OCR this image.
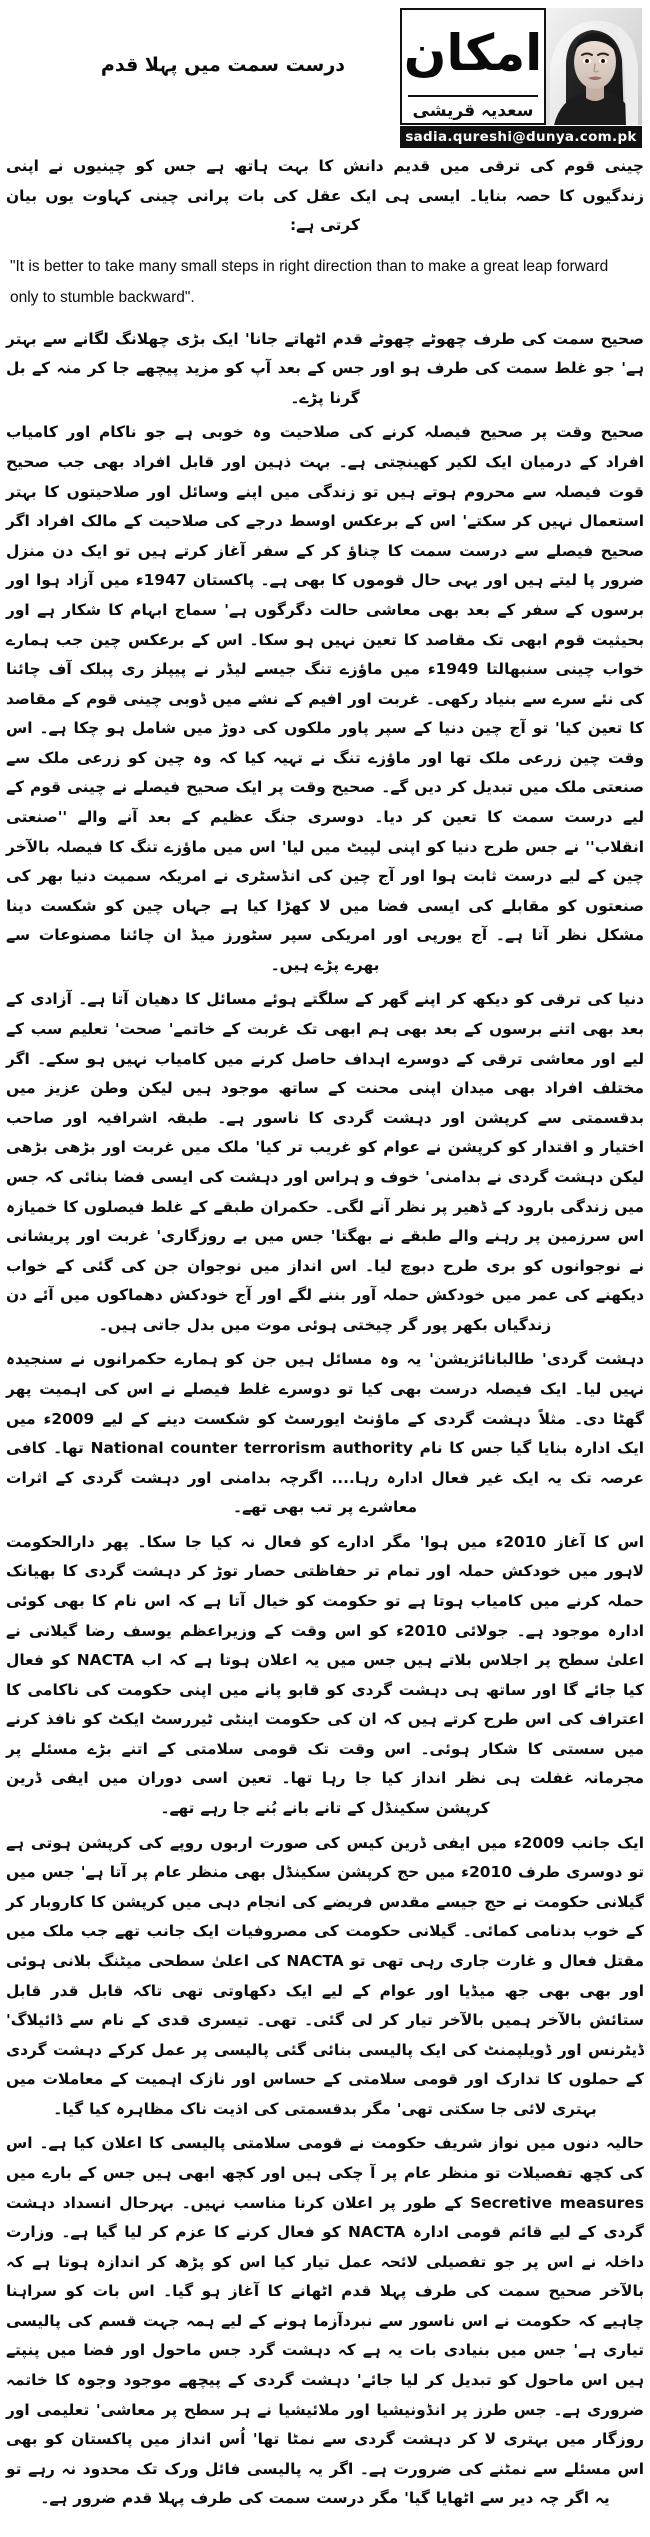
درست سمت میں پہلا قدم	امکان
سعدیہ قریشی
sadia.qureshi@dunya.com.pk

چینی قوم کی ترقی میں قدیم دانش کا بہت ہاتھ ہے جس کو چینیوں نے اپنی زندگیوں کا حصہ بنایا۔ ایسی ہی ایک عقل کی بات پرانی چینی کہاوت یوں بیان کرتی ہے:

"It is better to take many small steps in right direction than to make a great leap forward only to stumble backward".

صحیح سمت کی طرف چھوٹے چھوٹے قدم اٹھاتے جانا' ایک بڑی چھلانگ لگانے سے بہتر ہے' جو غلط سمت کی طرف ہو اور جس کے بعد آپ کو مزید پیچھے جا کر منہ کے بل گرنا پڑے۔

صحیح وقت پر صحیح فیصلہ کرنے کی صلاحیت وہ خوبی ہے جو ناکام اور کامیاب افراد کے درمیان ایک لکیر کھینچتی ہے۔ بہت ذہین اور قابل افراد بھی جب صحیح قوت فیصلہ سے محروم ہوتے ہیں تو زندگی میں اپنے وسائل اور صلاحیتوں کا بہتر استعمال نہیں کر سکتے' اس کے برعکس اوسط درجے کی صلاحیت کے مالک افراد اگر صحیح فیصلے سے درست سمت کا چناؤ کر کے سفر آغاز کرتے ہیں تو ایک دن منزل ضرور پا لیتے ہیں اور یہی حال قوموں کا بھی ہے۔ پاکستان 1947ء میں آزاد ہوا اور برسوں کے سفر کے بعد بھی معاشی حالت دگرگوں ہے' سماج ابہام کا شکار ہے اور بحیثیت قوم ابھی تک مقاصد کا تعین نہیں ہو سکا۔ اس کے برعکس چین جب ہمارے خواب چینی سنبھالتا 1949ء میں ماؤزے تنگ جیسے لیڈر نے پیپلز ری پبلک آف چائنا کی نئے سرے سے بنیاد رکھی۔ غربت اور افیم کے نشے میں ڈوبی چینی قوم کے مقاصد کا تعین کیا' تو آج چین دنیا کے سپر پاور ملکوں کی دوڑ میں شامل ہو چکا ہے۔ اس وقت چین زرعی ملک تھا اور ماؤزے تنگ نے تہیہ کیا کہ وہ چین کو زرعی ملک سے صنعتی ملک میں تبدیل کر دیں گے۔ صحیح وقت پر ایک صحیح فیصلے نے چینی قوم کے لیے درست سمت کا تعین کر دیا۔ دوسری جنگ عظیم کے بعد آنے والے ''صنعتی انقلاب'' نے جس طرح دنیا کو اپنی لپیٹ میں لیا' اس میں ماؤزے تنگ کا فیصلہ بالآخر چین کے لیے درست ثابت ہوا اور آج چین کی انڈسٹری نے امریکہ سمیت دنیا بھر کی صنعتوں کو مقابلے کی ایسی فضا میں لا کھڑا کیا ہے جہاں چین کو شکست دینا مشکل نظر آتا ہے۔ آج یورپی اور امریکی سپر سٹورز میڈ ان چائنا مصنوعات سے بھرے پڑے ہیں۔

دنیا کی ترقی کو دیکھ کر اپنے گھر کے سلگتے ہوئے مسائل کا دھیان آتا ہے۔ آزادی کے بعد بھی اتنے برسوں کے بعد بھی ہم ابھی تک غربت کے خاتمے' صحت' تعلیم سب کے لیے اور معاشی ترقی کے دوسرے اہداف حاصل کرنے میں کامیاب نہیں ہو سکے۔ اگر مختلف افراد بھی میدان اپنی محنت کے ساتھ موجود ہیں لیکن وطن عزیز میں بدقسمتی سے کرپشن اور دہشت گردی کا ناسور ہے۔ طبقہ اشرافیہ اور صاحب اختیار و اقتدار کو کرپشن نے عوام کو غریب تر کیا' ملک میں غربت اور بڑھی بڑھی لیکن دہشت گردی نے بدامنی' خوف و ہراس اور دہشت کی ایسی فضا بنائی کہ جس میں زندگی بارود کے ڈھیر پر نظر آنے لگی۔ حکمران طبقے کے غلط فیصلوں کا خمیازہ اس سرزمین پر رہنے والے طبقے نے بھگتا' جس میں بے روزگاری' غربت اور پریشانی نے نوجوانوں کو بری طرح دبوچ لیا۔ اس انداز میں نوجوان جن کی گئی کے خواب دیکھنے کی عمر میں خودکش حملہ آور بننے لگے اور آج خودکش دھماکوں میں آئے دن زندگیاں بکھر پور گر چیختی ہوئی موت میں بدل جاتی ہیں۔

دہشت گردی' طالبانائزیشن' یہ وہ مسائل ہیں جن کو ہمارے حکمرانوں نے سنجیدہ نہیں لیا۔ ایک فیصلہ درست بھی کیا تو دوسرے غلط فیصلے نے اس کی اہمیت پھر گھٹا دی۔ مثلاً دہشت گردی کے ماؤنٹ ایورسٹ کو شکست دینے کے لیے 2009ء میں ایک ادارہ بنایا گیا جس کا نام National counter terrorism authority تھا۔ کافی عرصہ تک یہ ایک غیر فعال ادارہ رہا.... اگرچہ بدامنی اور دہشت گردی کے اثرات معاشرے پر تب بھی تھے۔

اس کا آغاز 2010ء میں ہوا' مگر ادارے کو فعال نہ کیا جا سکا۔ پھر دارالحکومت لاہور میں خودکش حملہ اور تمام تر حفاظتی حصار توڑ کر دہشت گردی کا بھیانک حملہ کرنے میں کامیاب ہوتا ہے تو حکومت کو خیال آتا ہے کہ اس نام کا بھی کوئی ادارہ موجود ہے۔ جولائی 2010ء کو اس وقت کے وزیراعظم یوسف رضا گیلانی نے اعلیٰ سطح پر اجلاس بلاتے ہیں جس میں یہ اعلان ہوتا ہے کہ اب NACTA کو فعال کیا جائے گا اور ساتھ ہی دہشت گردی کو قابو پانے میں اپنی حکومت کی ناکامی کا اعتراف کی اس طرح کرتے ہیں کہ ان کی حکومت اینٹی ٹیررسٹ ایکٹ کو نافذ کرنے میں سستی کا شکار ہوئی۔ اس وقت تک قومی سلامتی کے اتنے بڑے مسئلے پر مجرمانہ غفلت ہی نظر انداز کیا جا رہا تھا۔ تعین اسی دوران میں ایفی ڈرین کرپشن سکینڈل کے تانے بانے بُنے جا رہے تھے۔

ایک جانب 2009ء میں ایفی ڈرین کیس کی صورت اربوں روپے کی کرپشن ہوتی ہے تو دوسری طرف 2010ء میں حج کرپشن سکینڈل بھی منظر عام پر آتا ہے' جس میں گیلانی حکومت نے حج جیسے مقدس فریضے کی انجام دہی میں کرپشن کا کاروبار کر کے خوب بدنامی کمائی۔ گیلانی حکومت کی مصروفیات ایک جانب تھے جب ملک میں مقتل فعال و غارت جاری رہی تھی تو NACTA کی اعلیٰ سطحی میٹنگ بلانی ہوئی اور بھی بھی جھ میڈیا اور عوام کے لیے ایک دکھاوتی تھی تاکہ قابل قدر قابل ستائش بالآخر ہمیں بالآخر تیار کر لی گئی۔ تھی۔ تیسری قدی کے نام سے ڈائیلاگ' ڈیٹرنس اور ڈویلپمنٹ کی ایک پالیسی بنائی گئی پالیسی پر عمل کرکے دہشت گردی کے حملوں کا تدارک اور قومی سلامتی کے حساس اور نازک اہمیت کے معاملات میں بہتری لائی جا سکتی تھی' مگر بدقسمتی کی اذیت ناک مظاہرہ کیا گیا۔

حالیہ دنوں میں نواز شریف حکومت نے قومی سلامتی پالیسی کا اعلان کیا ہے۔ اس کی کچھ تفصیلات تو منظر عام پر آ چکی ہیں اور کچھ ابھی ہیں جس کے بارے میں Secretive measures کے طور پر اعلان کرنا مناسب نہیں۔ بہرحال انسداد دہشت گردی کے لیے قائم قومی ادارہ NACTA کو فعال کرنے کا عزم کر لیا گیا ہے۔ وزارت داخلہ نے اس پر جو تفصیلی لائحہ عمل تیار کیا اس کو پڑھ کر اندازہ ہوتا ہے کہ بالآخر صحیح سمت کی طرف پہلا قدم اٹھانے کا آغاز ہو گیا۔ اس بات کو سراہنا چاہیے کہ حکومت نے اس ناسور سے نبردآزما ہونے کے لیے ہمہ جہت قسم کی پالیسی تیاری ہے' جس میں بنیادی بات یہ ہے کہ دہشت گرد جس ماحول اور فضا میں پنپتے ہیں اس ماحول کو تبدیل کر لیا جائے' دہشت گردی کے پیچھے موجود وجوہ کا خاتمہ ضروری ہے۔ جس طرز پر انڈونیشیا اور ملائیشیا نے ہر سطح پر معاشی' تعلیمی اور روزگار میں بہتری لا کر دہشت گردی سے نمٹا تھا' اُس انداز میں پاکستان کو بھی اس مسئلے سے نمٹنے کی ضرورت ہے۔ اگر یہ پالیسی فائل ورک تک محدود نہ رہے تو یہ اگر چہ دیر سے اٹھایا گیا' مگر درست سمت کی طرف پہلا قدم ضرور ہے۔
